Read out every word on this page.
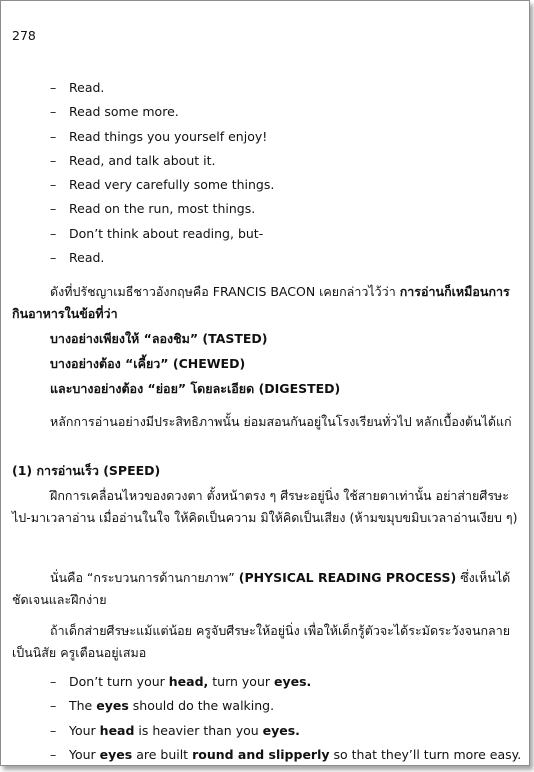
278
– Read.
– Read some more.
– Read things you yourself enjoy!
– Read, and talk about it.
– Read very carefully some things.
– Read on the run, most things.
– Don’t think about reading, but-
– Read.

ดังที่ปรัชญาเมธีชาวอังกฤษคือ FRANCIS BACON เคยกล่าวไว้ว่า การอ่านก็เหมือนการกินอาหารในข้อที่ว่า

บางอย่างเพียงให้ “ลองชิม” (TASTED)

บางอย่างต้อง “เคี้ยว” (CHEWED)

และบางอย่างต้อง “ย่อย” โดยละเอียด (DIGESTED)

หลักการอ่านอย่างมีประสิทธิภาพนั้น ย่อมสอนกันอยู่ในโรงเรียนทั่วไป หลักเบื้องต้นได้แก่

(1) การอ่านเร็ว (SPEED)

ฝึกการเคลื่อนไหวของดวงตา ตั้งหน้าตรง ๆ ศีรษะอยู่นิ่ง ใช้สายตาเท่านั้น อย่าส่ายศีรษะไป-มาเวลาอ่าน เมื่ออ่านในใจ ให้คิดเป็นความ มิให้คิดเป็นเสียง (ห้ามขมุบขมิบเวลาอ่านเงียบ ๆ)

นั่นคือ “กระบวนการด้านกายภาพ” (PHYSICAL READING PROCESS) ซึ่งเห็นได้ชัดเจนและฝึกง่าย

ถ้าเด็กส่ายศีรษะแม้แต่น้อย ครูจับศีรษะให้อยู่นิ่ง เพื่อให้เด็กรู้ตัวจะได้ระมัดระวังจนกลายเป็นนิสัย ครูเตือนอยู่เสมอ

– Don’t turn your head, turn your eyes.
– The eyes should do the walking.
– Your head is heavier than you eyes.
– Your eyes are built round and slipperly so that they’ll turn more easy.
